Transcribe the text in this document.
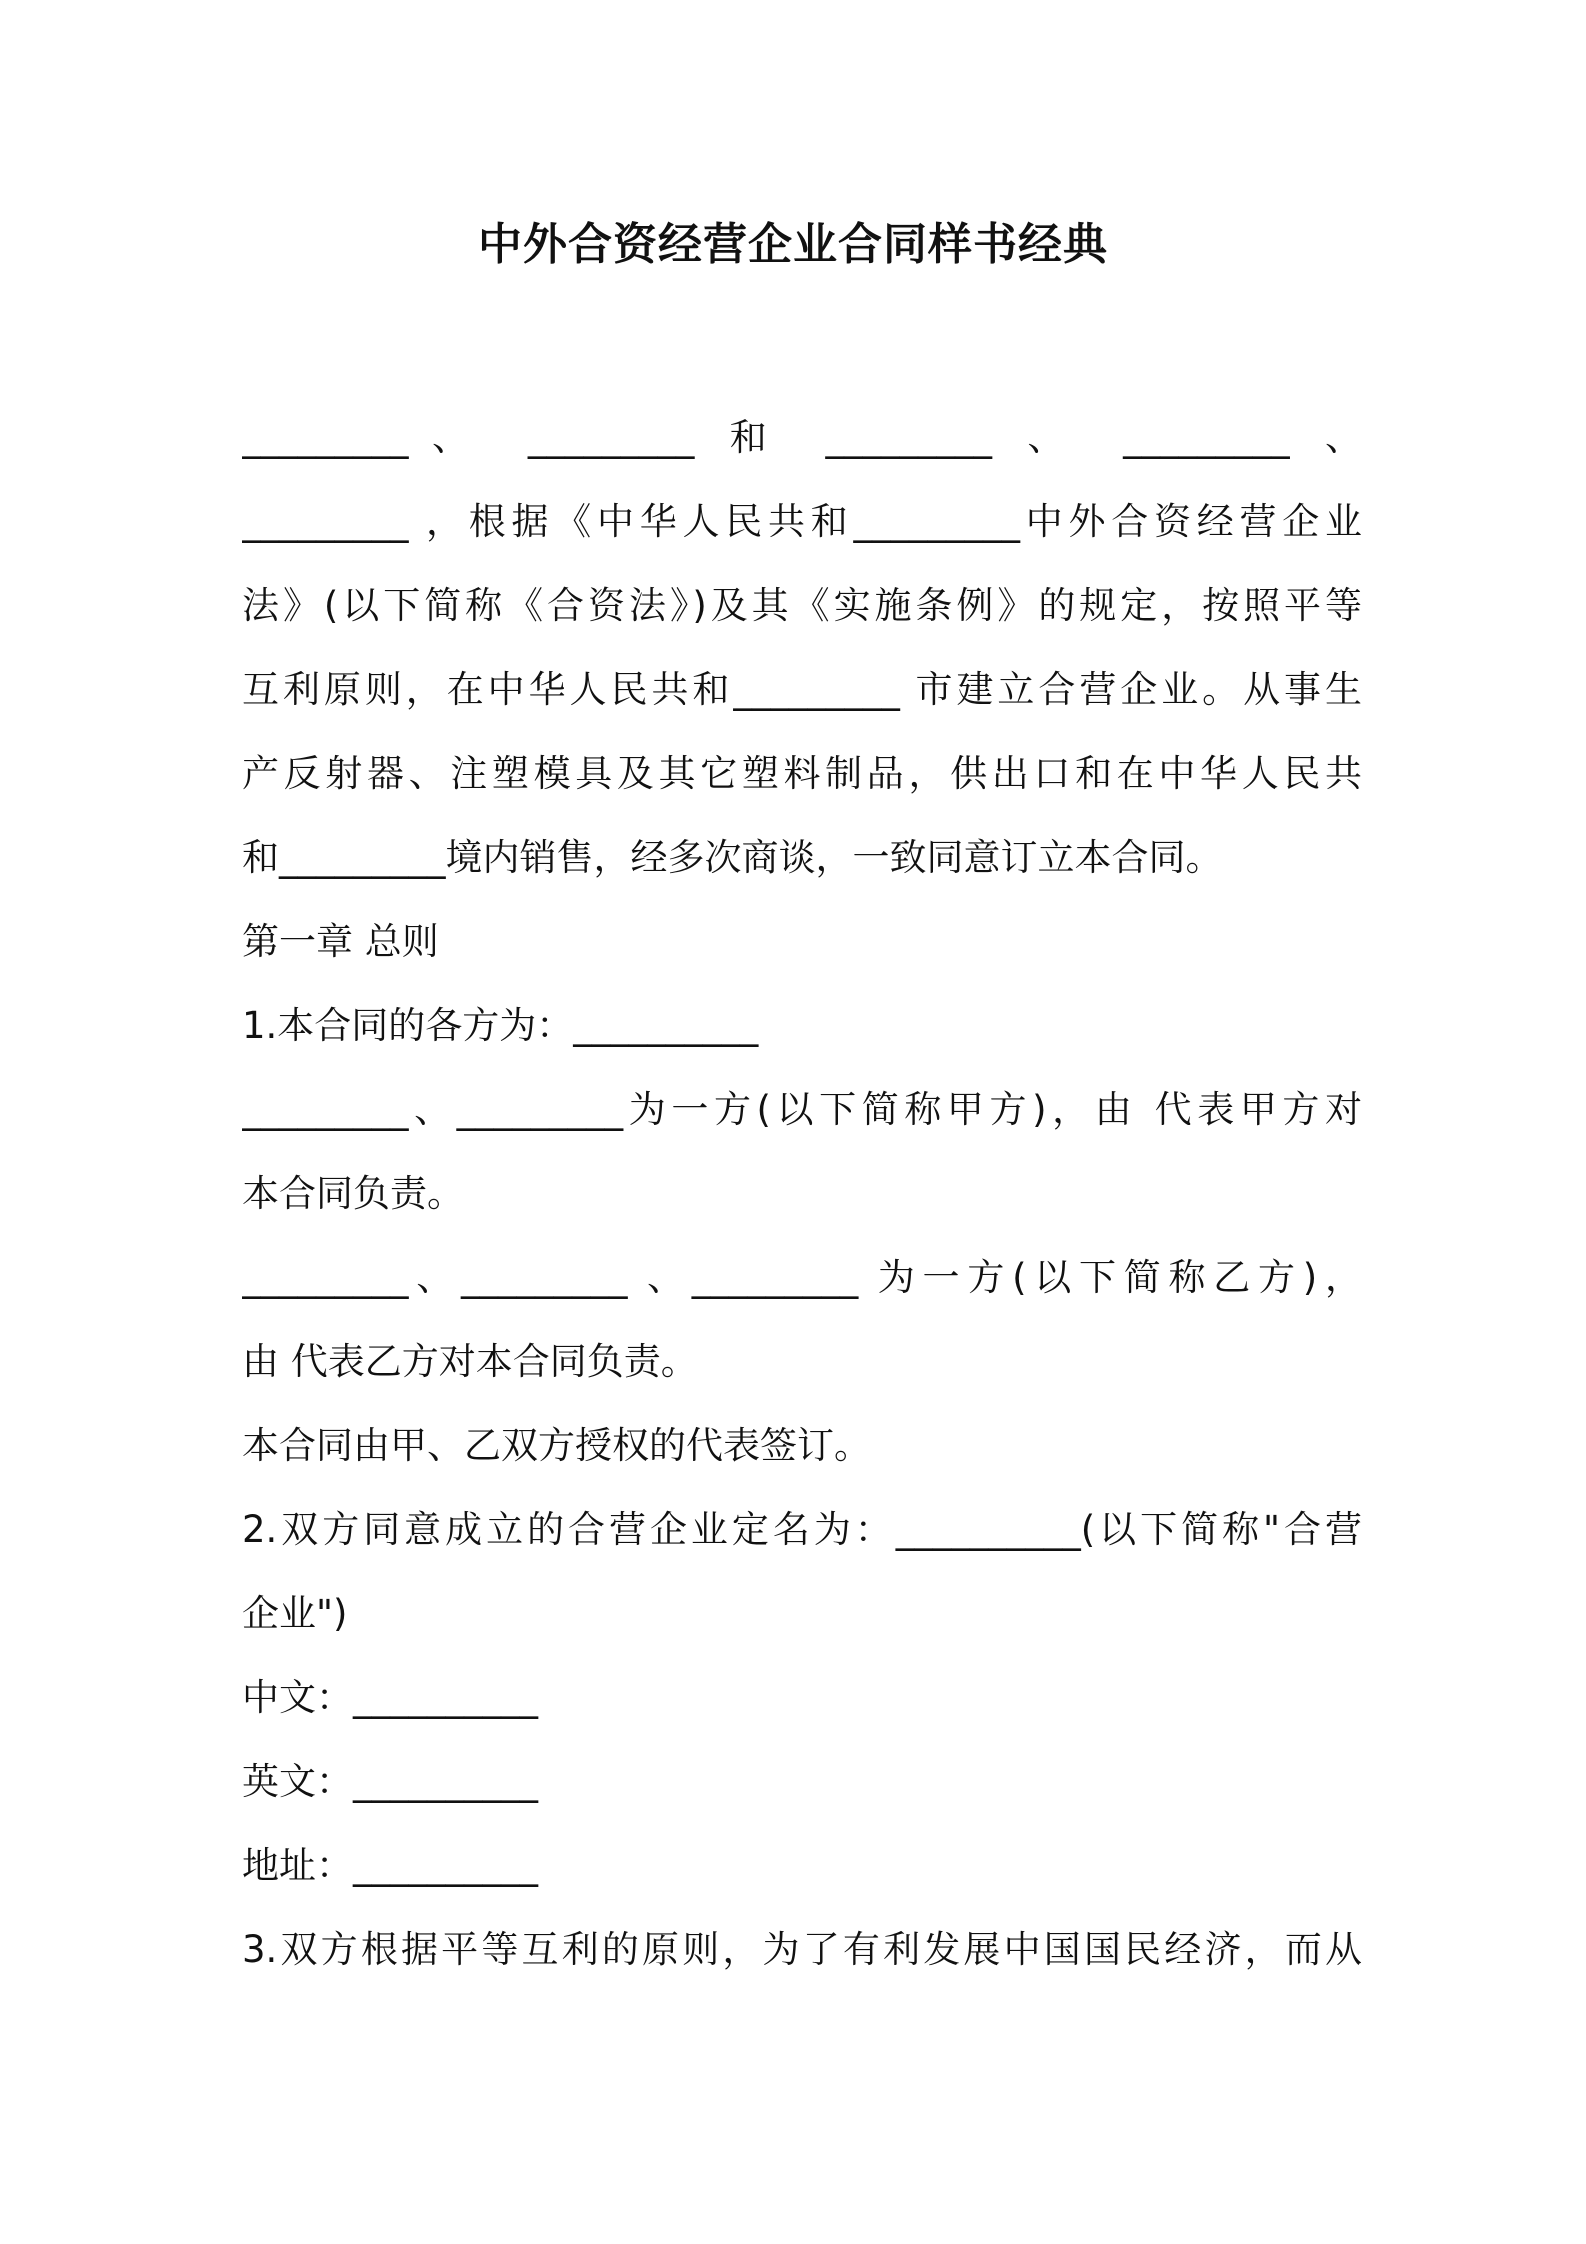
中外合资经营企业合同样书经典
_________、 _________ 和 _________ 、 _________ 、
_________ ，根据《中华人民共和_________中外合资经营企业
法》(以下简称《合资法》)及其《实施条例》的规定，按照平等
互利原则，在中华人民共和_________ 市建立合营企业。从事生
产反射器、注塑模具及其它塑料制品，供出口和在中华人民共
和_________境内销售，经多次商谈，一致同意订立本合同。
第一章 总则
1.本合同的各方为：__________
_________、_________为一方(以下简称甲方)，由 代表甲方对
本合同负责。
_________、_________ 、_________ 为一方(以下简称乙方)，
由 代表乙方对本合同负责。
本合同由甲、乙双方授权的代表签订。
2.双方同意成立的合营企业定名为：__________(以下简称"合营
企业")
中文：__________
英文：__________
地址：__________
3.双方根据平等互利的原则，为了有利发展中国国民经济，而从
